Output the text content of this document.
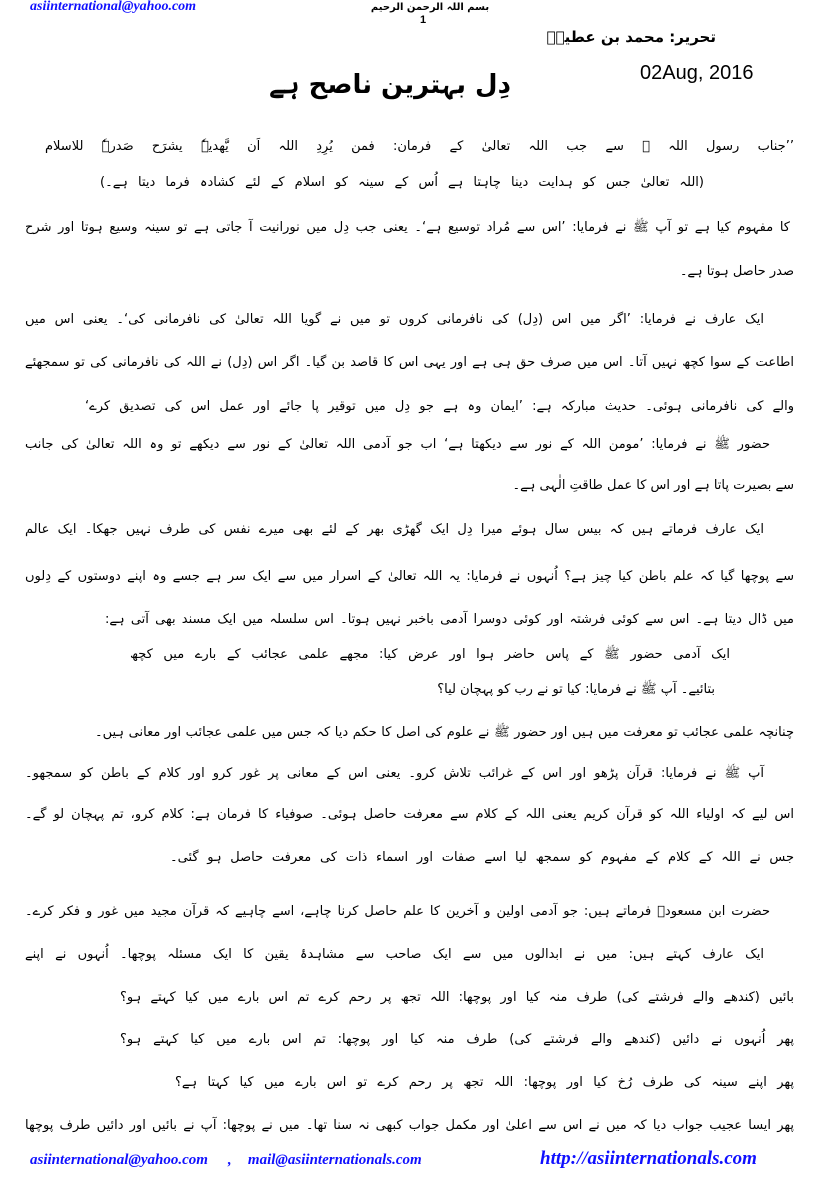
asiinternational@yahoo.com	بسم اللہ الرحمن الرحیم
1
تحریر: محمد بن عطیہؒ
02Aug, 2016
دِل بہترین ناصح ہے
’’جناب رسول اللہ ﷺ سے جب اللہ تعالیٰ کے فرمان: فمن یُرِدِ اللہ اَن یَّھدیہٗ یشرَح صَدرہٗ للاسلام
(اللہ تعالیٰ جس کو ہدایت دینا چاہتا ہے اُس کے سینہ کو اسلام کے لئے کشادہ فرما دیتا ہے۔)
کا مفہوم کیا ہے تو آپ ﷺ نے فرمایا: ’اس سے مُراد توسیع ہے‘۔ یعنی جب دِل میں نورانیت آ جاتی ہے تو سینہ وسیع ہوتا اور شرح
صدر حاصل ہوتا ہے۔
ایک عارف نے فرمایا: ’اگر میں اس (دِل) کی نافرمانی کروں تو میں نے گویا اللہ تعالیٰ کی نافرمانی کی‘۔ یعنی اس میں
اطاعت کے سوا کچھ نہیں آتا۔ اس میں صرف حق ہی ہے اور یہی اس کا قاصد بن گیا۔ اگر اس (دِل) نے اللہ کی نافرمانی کی تو سمجھئے
والے کی نافرمانی ہوئی۔ حدیث مبارکہ ہے: ’ایمان وہ ہے جو دِل میں توقیر پا جائے اور عمل اس کی تصدیق کرے‘
حضور ﷺ نے فرمایا: ’مومن اللہ کے نور سے دیکھتا ہے‘ اب جو آدمی اللہ تعالیٰ کے نور سے دیکھے تو وہ اللہ تعالیٰ کی جانب
سے بصیرت پاتا ہے اور اس کا عمل طاقتِ الٰہی ہے۔
ایک عارف فرماتے ہیں کہ بیس سال ہوئے میرا دِل ایک گھڑی بھر کے لئے بھی میرے نفس کی طرف نہیں جھکا۔ ایک عالم
سے پوچھا گیا کہ علم باطن کیا چیز ہے؟ اُنہوں نے فرمایا: یہ اللہ تعالیٰ کے اسرار میں سے ایک سر ہے جسے وہ اپنے دوستوں کے دِلوں
میں ڈال دیتا ہے۔ اس سے کوئی فرشتہ اور کوئی دوسرا آدمی باخبر نہیں ہوتا۔ اس سلسلہ میں ایک مسند بھی آتی ہے:
ایک آدمی حضور ﷺ کے پاس حاضر ہوا اور عرض کیا: مجھے علمی عجائب کے بارے میں کچھ
بتائیے۔ آپ ﷺ نے فرمایا: کیا تو نے رب کو پہچان لیا؟
چنانچہ علمی عجائب تو معرفت میں ہیں اور حضور ﷺ نے علوم کی اصل کا حکم دیا کہ جس میں علمی عجائب اور معانی ہیں۔
آپ ﷺ نے فرمایا: قرآن پڑھو اور اس کے غرائب تلاش کرو۔ یعنی اس کے معانی پر غور کرو اور کلام کے باطن کو سمجھو۔
اس لیے کہ اولیاء اللہ کو قرآن کریم یعنی اللہ کے کلام سے معرفت حاصل ہوئی۔ صوفیاء کا فرمان ہے: کلام کرو، تم پہچان لو گے۔
جس نے اللہ کے کلام کے مفہوم کو سمجھ لیا اسے صفات اور اسماء ذات کی معرفت حاصل ہو گئی۔
حضرت ابن مسعودؓ فرماتے ہیں: جو آدمی اولین و آخرین کا علم حاصل کرنا چاہے، اسے چاہیے کہ قرآن مجید میں غور و فکر کرے۔
ایک عارف کہتے ہیں: میں نے ابدالوں میں سے ایک صاحب سے مشاہدۂ یقین کا ایک مسئلہ پوچھا۔ اُنہوں نے اپنے
بائیں (کندھے والے فرشتے کی) طرف منہ کیا اور پوچھا: اللہ تجھ پر رحم کرے تم اس بارے میں کیا کہتے ہو؟
پھر اُنہوں نے دائیں (کندھے والے فرشتے کی) طرف منہ کیا اور پوچھا: تم اس بارے میں کیا کہتے ہو؟
پھر اپنے سینہ کی طرف رُخ کیا اور پوچھا: اللہ تجھ پر رحم کرے تو اس بارے میں کیا کہتا ہے؟
پھر ایسا عجیب جواب دیا کہ میں نے اس سے اعلیٰ اور مکمل جواب کبھی نہ سنا تھا۔ میں نے پوچھا: آپ نے بائیں اور دائیں طرف پوچھا
asiinternational@yahoo.com , mail@asiinternationals.com	http://asiinternationals.com
